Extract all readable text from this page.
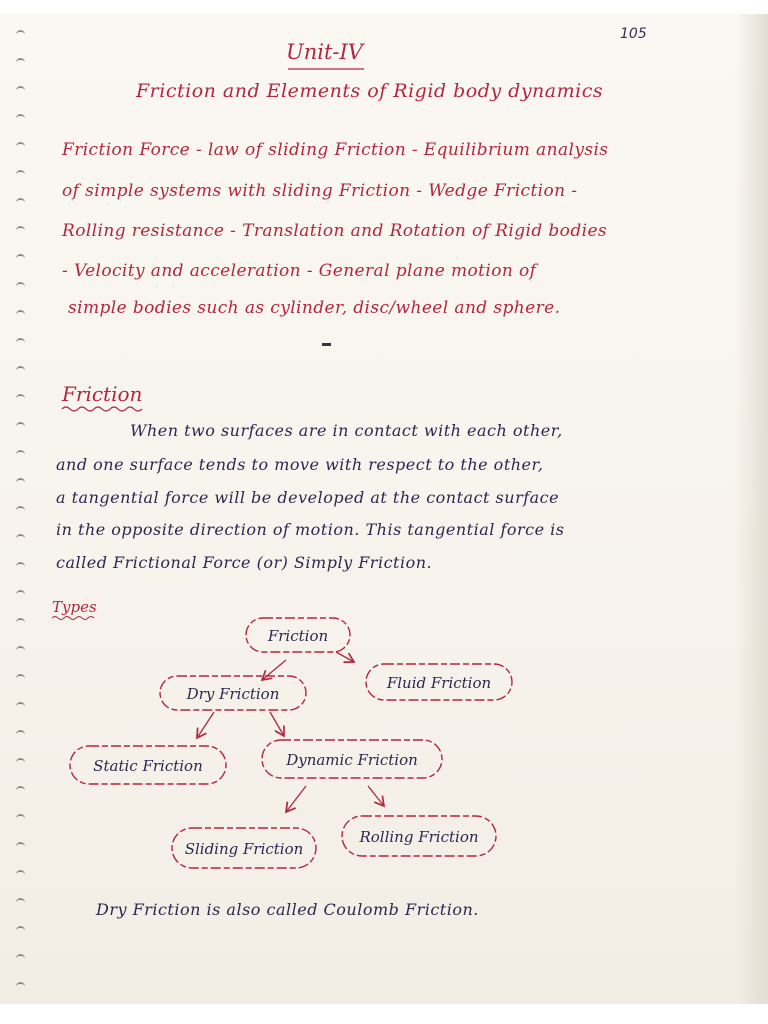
105
Unit-IV
Friction and Elements of Rigid body dynamics
Friction Force - law of sliding Friction - Equilibrium analysis
of simple systems with sliding Friction - Wedge Friction -
Rolling resistance - Translation and Rotation of Rigid bodies
- Velocity and acceleration - General plane motion of
simple bodies such as cylinder, disc/wheel and sphere.
Friction
When two surfaces are in contact with each other,
and one surface tends to move with respect to the other,
a tangential force will be developed at the contact surface
in the opposite direction of motion. This tangential force is
called Frictional Force (or) Simply Friction.
Types
Friction
Fluid Friction
Dry Friction
Static Friction	Dynamic Friction
Sliding Friction
Rolling Friction
Dry Friction is also called Coulomb Friction.
